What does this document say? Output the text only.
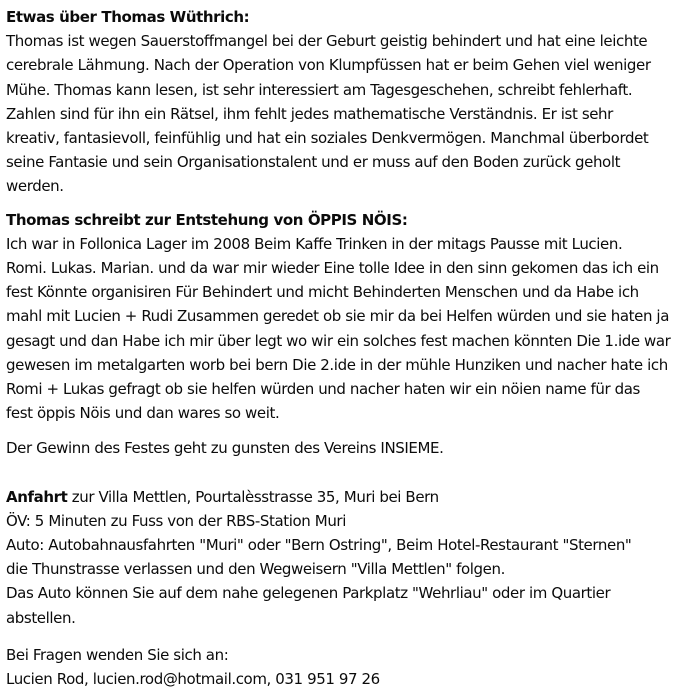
Etwas über Thomas Wüthrich:
Thomas ist wegen Sauerstoffmangel bei der Geburt geistig behindert und hat eine leichte
cerebrale Lähmung. Nach der Operation von Klumpfüssen hat er beim Gehen viel weniger
Mühe. Thomas kann lesen, ist sehr interessiert am Tagesgeschehen, schreibt fehlerhaft.
Zahlen sind für ihn ein Rätsel, ihm fehlt jedes mathematische Verständnis. Er ist sehr
kreativ, fantasievoll, feinfühlig und hat ein soziales Denkvermögen. Manchmal überbordet
seine Fantasie und sein Organisationstalent und er muss auf den Boden zurück geholt
werden.
Thomas schreibt zur Entstehung von ÖPPIS NÖIS:
Ich war in Follonica Lager im 2008 Beim Kaffe Trinken in der mitags Pausse mit Lucien.
Romi. Lukas. Marian. und da war mir wieder Eine tolle Idee in den sinn gekomen das ich ein
fest Könnte organisiren Für Behindert und micht Behinderten Menschen und da Habe ich
mahl mit Lucien + Rudi Zusammen geredet ob sie mir da bei Helfen würden und sie haten ja
gesagt und dan Habe ich mir über legt wo wir ein solches fest machen könnten Die 1.ide war
gewesen im metalgarten worb bei bern Die 2.ide in der mühle Hunziken und nacher hate ich
Romi + Lukas gefragt ob sie helfen würden und nacher haten wir ein nöien name für das
fest öppis Nöis und dan wares so weit.
Der Gewinn des Festes geht zu gunsten des Vereins INSIEME.
Anfahrt zur Villa Mettlen, Pourtalèsstrasse 35, Muri bei Bern
ÖV: 5 Minuten zu Fuss von der RBS-Station Muri
Auto: Autobahnausfahrten "Muri" oder "Bern Ostring", Beim Hotel-Restaurant "Sternen"
die Thunstrasse verlassen und den Wegweisern "Villa Mettlen" folgen.
Das Auto können Sie auf dem nahe gelegenen Parkplatz "Wehrliau" oder im Quartier
abstellen.
Bei Fragen wenden Sie sich an:
Lucien Rod, lucien.rod@hotmail.com, 031 951 97 26
